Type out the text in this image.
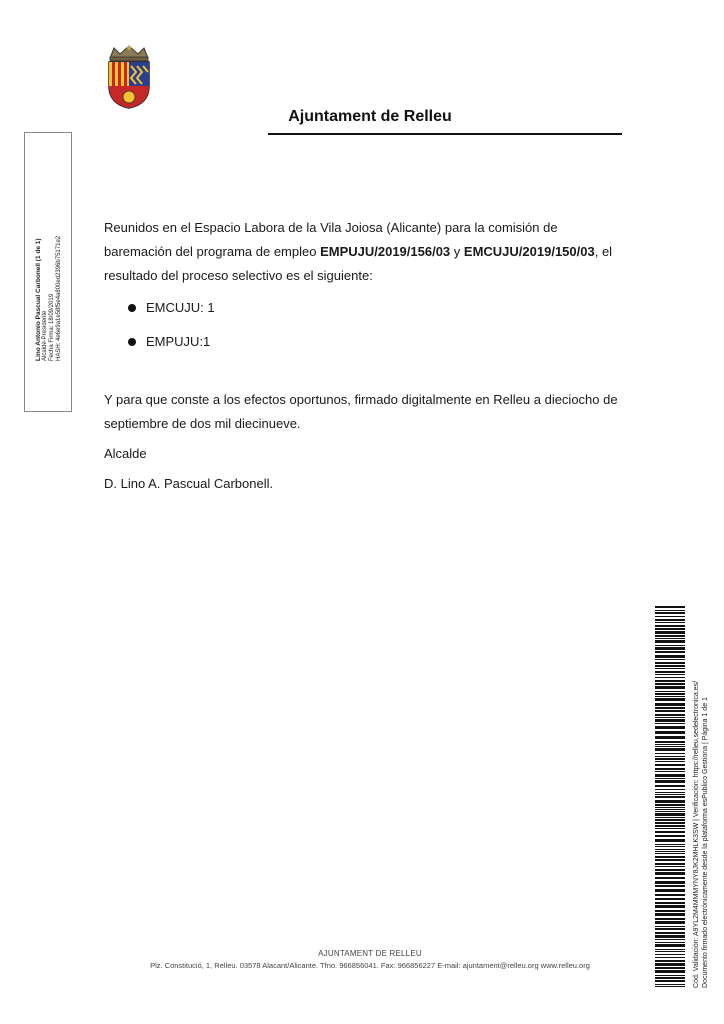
Ajuntament de Relleu
Lino Antonio Pascual Carbonell (1 de 1) Alcalde-Presidente Fecha Firma: 18/09/2019 HASH: 4e6e9a1e58f5e4a800ed2396b75171e2

Reunidos en el Espacio Labora de la Vila Joiosa (Alicante) para la comisión de baremación del programa de empleo EMPUJU/2019/156/03 y EMCUJU/2019/150/03, el resultado del proceso selectivo es el siguiente:

EMCUJU: 1
EMPUJU:1

Y para que conste a los efectos oportunos, firmado digitalmente en Relleu a dieciocho de septiembre de dos mil diecinueve.

Alcalde

D. Lino A. Pascual Carbonell.

Cód. Validación: A9YL2M4MMMYNY8JK2MHLK3SW | Verificación: https://relleu.sedelectronica.es/ Documento firmado electrónicamente desde la plataforma esPublico Gestiona | Página 1 de 1
AJUNTAMENT DE RELLEU
Plz. Constitució, 1, Relleu. 03578 Alacant/Alicante. Tfno. 966856041. Fax: 966856227 E-mail: ajuntament@relleu.org www.relleu.org
